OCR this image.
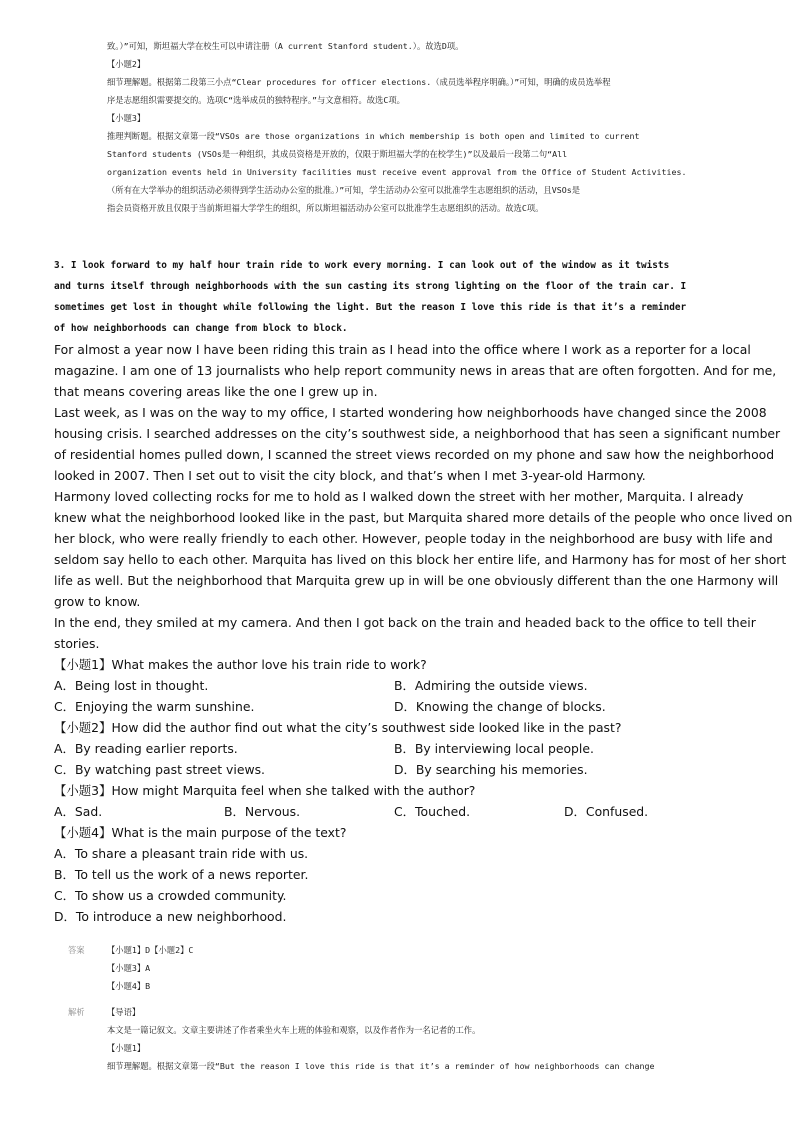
致。）”可知，斯坦福大学在校生可以申请注册（A current Stanford student.）。故选D项。
【小题2】
细节理解题。根据第二段第三小点“Clear procedures for officer elections.（成员选举程序明确。）”可知，明确的成员选举程
序是志愿组织需要提交的。选项C“选举成员的独特程序。”与文意相符。故选C项。
【小题3】
推理判断题。根据文章第一段“VSOs are those organizations in which membership is both open and limited to current
Stanford students (VSOs是一种组织，其成员资格是开放的，仅限于斯坦福大学的在校学生)”以及最后一段第二句“All
organization events held in University facilities must receive event approval from the Office of Student Activities.
（所有在大学举办的组织活动必须得到学生活动办公室的批准。）”可知，学生活动办公室可以批准学生志愿组织的活动，且VSOs是
指会员资格开放且仅限于当前斯坦福大学学生的组织，所以斯坦福活动办公室可以批准学生志愿组织的活动。故选C项。
3. I look forward to my half hour train ride to work every morning. I can look out of the window as it twists
and turns itself through neighborhoods with the sun casting its strong lighting on the floor of the train car. I
sometimes get lost in thought while following the light. But the reason I love this ride is that it’s a reminder
of how neighborhoods can change from block to block.
For almost a year now I have been riding this train as I head into the office where I work as a reporter for a local
magazine. I am one of 13 journalists who help report community news in areas that are often forgotten. And for me,
that means covering areas like the one I grew up in.
Last week, as I was on the way to my office, I started wondering how neighborhoods have changed since the 2008
housing crisis. I searched addresses on the city’s southwest side, a neighborhood that has seen a significant number
of residential homes pulled down, I scanned the street views recorded on my phone and saw how the neighborhood
looked in 2007. Then I set out to visit the city block, and that’s when I met 3-year-old Harmony.
Harmony loved collecting rocks for me to hold as I walked down the street with her mother, Marquita. I already
knew what the neighborhood looked like in the past, but Marquita shared more details of the people who once lived on
her block, who were really friendly to each other. However, people today in the neighborhood are busy with life and
seldom say hello to each other. Marquita has lived on this block her entire life, and Harmony has for most of her short
life as well. But the neighborhood that Marquita grew up in will be one obviously different than the one Harmony will
grow to know.
In the end, they smiled at my camera. And then I got back on the train and headed back to the office to tell their
stories.
【小题1】What makes the author love his train ride to work?
A．Being lost in thought.	B．Admiring the outside views.
C．Enjoying the warm sunshine.	D．Knowing the change of blocks.
【小题2】How did the author find out what the city’s southwest side looked like in the past?
A．By reading earlier reports.	B．By interviewing local people.
C．By watching past street views.	D．By searching his memories.
【小题3】How might Marquita feel when she talked with the author?
A．Sad.	B．Nervous.	C．Touched.	D．Confused.
【小题4】What is the main purpose of the text?
A．To share a pleasant train ride with us.
B．To tell us the work of a news reporter.
C．To show us a crowded community.
D．To introduce a new neighborhood.
答案	【小题1】D【小题2】C
【小题3】A
【小题4】B
解析	【导语】
本文是一篇记叙文。文章主要讲述了作者乘坐火车上班的体验和观察，以及作者作为一名记者的工作。
【小题1】
细节理解题。根据文章第一段“But the reason I love this ride is that it’s a reminder of how neighborhoods can change
